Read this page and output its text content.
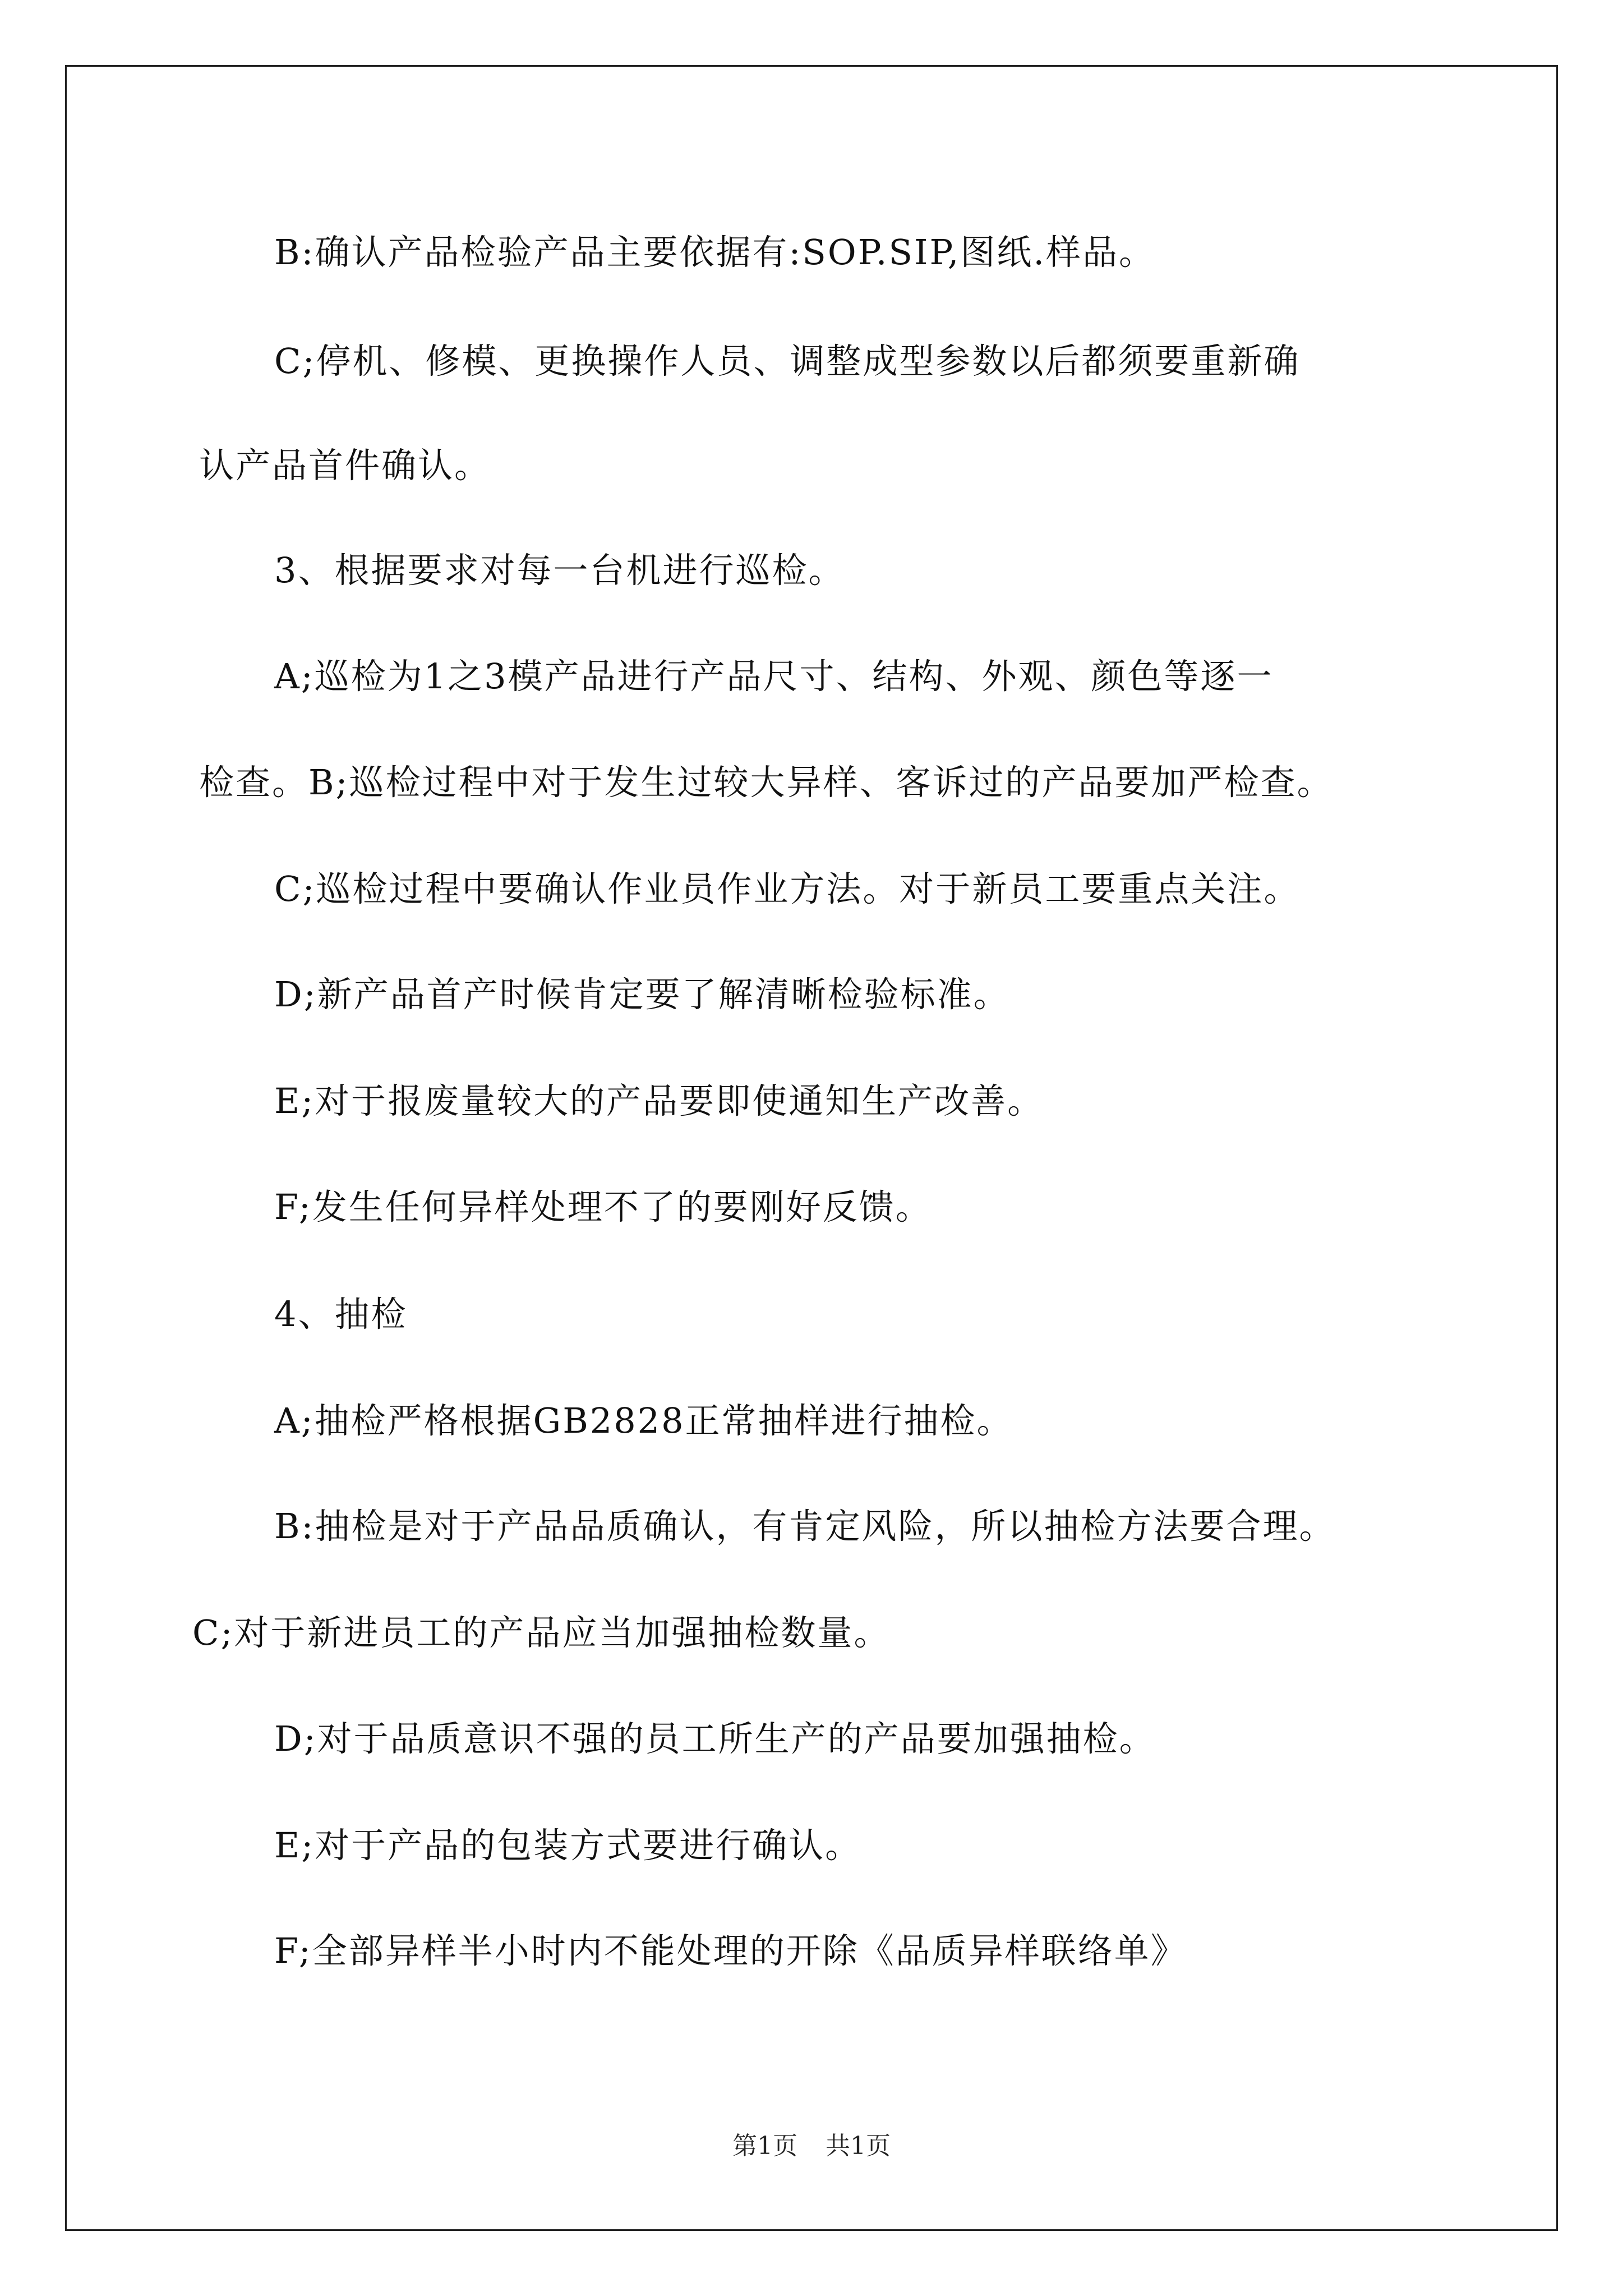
B:确认产品检验产品主要依据有:SOP.SIP,图纸.样品。
C;停机、修模、更换操作人员、调整成型参数以后都须要重新确
认产品首件确认。
3、根据要求对每一台机进行巡检。
A;巡检为1之3模产品进行产品尺寸、结构、外观、颜色等逐一
检查。B;巡检过程中对于发生过较大异样、客诉过的产品要加严检查。
C;巡检过程中要确认作业员作业方法。对于新员工要重点关注。
D;新产品首产时候肯定要了解清晰检验标准。
E;对于报废量较大的产品要即使通知生产改善。
F;发生任何异样处理不了的要刚好反馈。
4、抽检
A;抽检严格根据GB2828正常抽样进行抽检。
B:抽检是对于产品品质确认，有肯定风险，所以抽检方法要合理。
C;对于新进员工的产品应当加强抽检数量。
D;对于品质意识不强的员工所生产的产品要加强抽检。
E;对于产品的包装方式要进行确认。
F;全部异样半小时内不能处理的开除《品质异样联络单》
第1页 共1页
